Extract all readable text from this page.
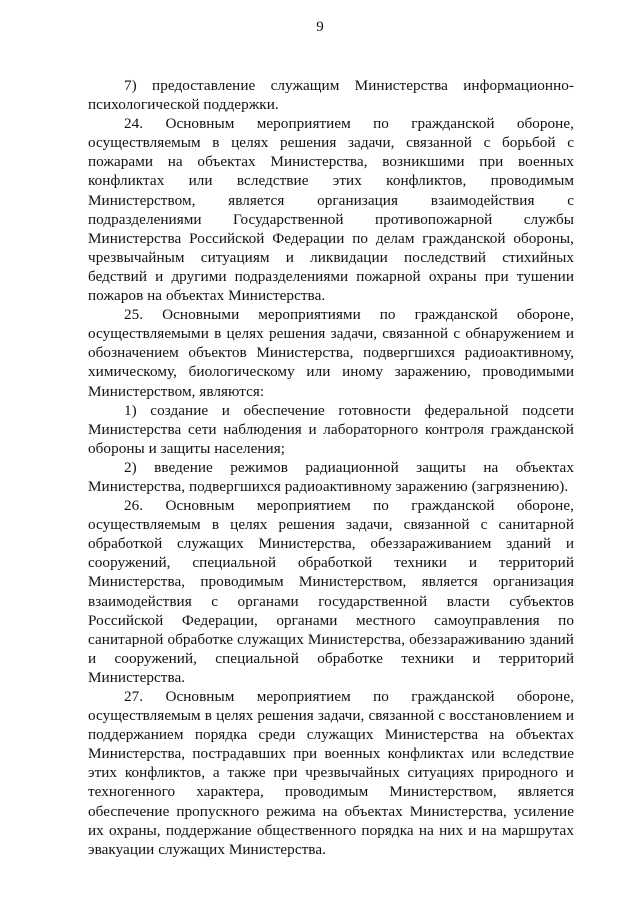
9

7) предоставление служащим Министерства информационно-психологической поддержки.

24. Основным мероприятием по гражданской обороне, осуществляемым в целях решения задачи, связанной с борьбой с пожарами на объектах Министерства, возникшими при военных конфликтах или вследствие этих конфликтов, проводимым Министерством, является организация взаимодействия с подразделениями Государственной противопожарной службы Министерства Российской Федерации по делам гражданской обороны, чрезвычайным ситуациям и ликвидации последствий стихийных бедствий и другими подразделениями пожарной охраны при тушении пожаров на объектах Министерства.

25. Основными мероприятиями по гражданской обороне, осуществляемыми в целях решения задачи, связанной с обнаружением и обозначением объектов Министерства, подвергшихся радиоактивному, химическому, биологическому или иному заражению, проводимыми Министерством, являются:

1) создание и обеспечение готовности федеральной подсети Министерства сети наблюдения и лабораторного контроля гражданской обороны и защиты населения;

2) введение режимов радиационной защиты на объектах Министерства, подвергшихся радиоактивному заражению (загрязнению).

26. Основным мероприятием по гражданской обороне, осуществляемым в целях решения задачи, связанной с санитарной обработкой служащих Министерства, обеззараживанием зданий и сооружений, специальной обработкой техники и территорий Министерства, проводимым Министерством, является организация взаимодействия с органами государственной власти субъектов Российской Федерации, органами местного самоуправления по санитарной обработке служащих Министерства, обеззараживанию зданий и сооружений, специальной обработке техники и территорий Министерства.

27. Основным мероприятием по гражданской обороне, осуществляемым в целях решения задачи, связанной с восстановлением и поддержанием порядка среди служащих Министерства на объектах Министерства, пострадавших при военных конфликтах или вследствие этих конфликтов, а также при чрезвычайных ситуациях природного и техногенного характера, проводимым Министерством, является обеспечение пропускного режима на объектах Министерства, усиление их охраны, поддержание общественного порядка на них и на маршрутах эвакуации служащих Министерства.
